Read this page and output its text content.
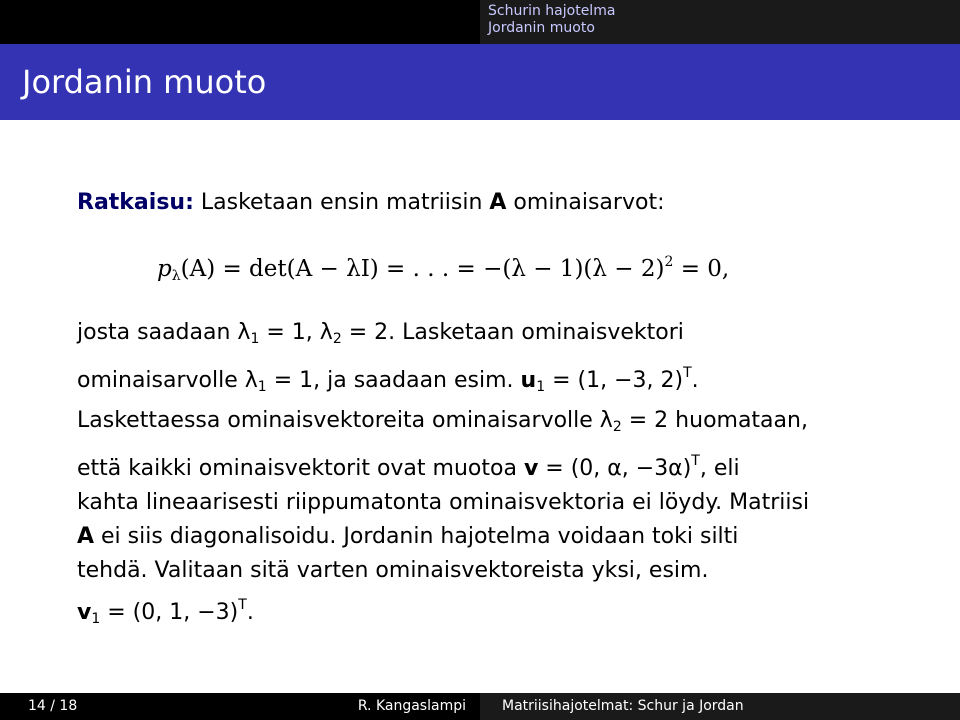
Schurin hajotelma
Jordanin muoto
Jordanin muoto
Ratkaisu: Lasketaan ensin matriisin A ominaisarvot:
$p_\lambda(A) = \det(A - \lambda I)$ = . . . = $-(\lambda - 1)(\lambda - 2)^2 = 0$,
josta saadaan $\lambda_1 = 1$, $\lambda_2 = 2$. Lasketaan ominaisvektori
ominaisarvolle $\lambda_1 = 1$, ja saadaan esim. $u_1 = (1$, −3, 2)$^T$.
Laskettaessa ominaisvektoreita ominaisarvolle $\lambda_2 = 2$ huomataan,
että kaikki ominaisvektorit ovat muotoa v = (0, α, −3α)$^T$, eli
kahta lineaarisesti riippumatonta ominaisvektoria ei löydy. Matriisi
A ei siis diagonalisoidu. Jordanin hajotelma voidaan toki silti
tehdä. Valitaan sitä varten ominaisvektoreista yksi, esim.
$v_1 = (0$, 1, −3)$^T$.
14 / 18	R. Kangaslampi	Matriisihajotelmat: Schur ja Jordan
